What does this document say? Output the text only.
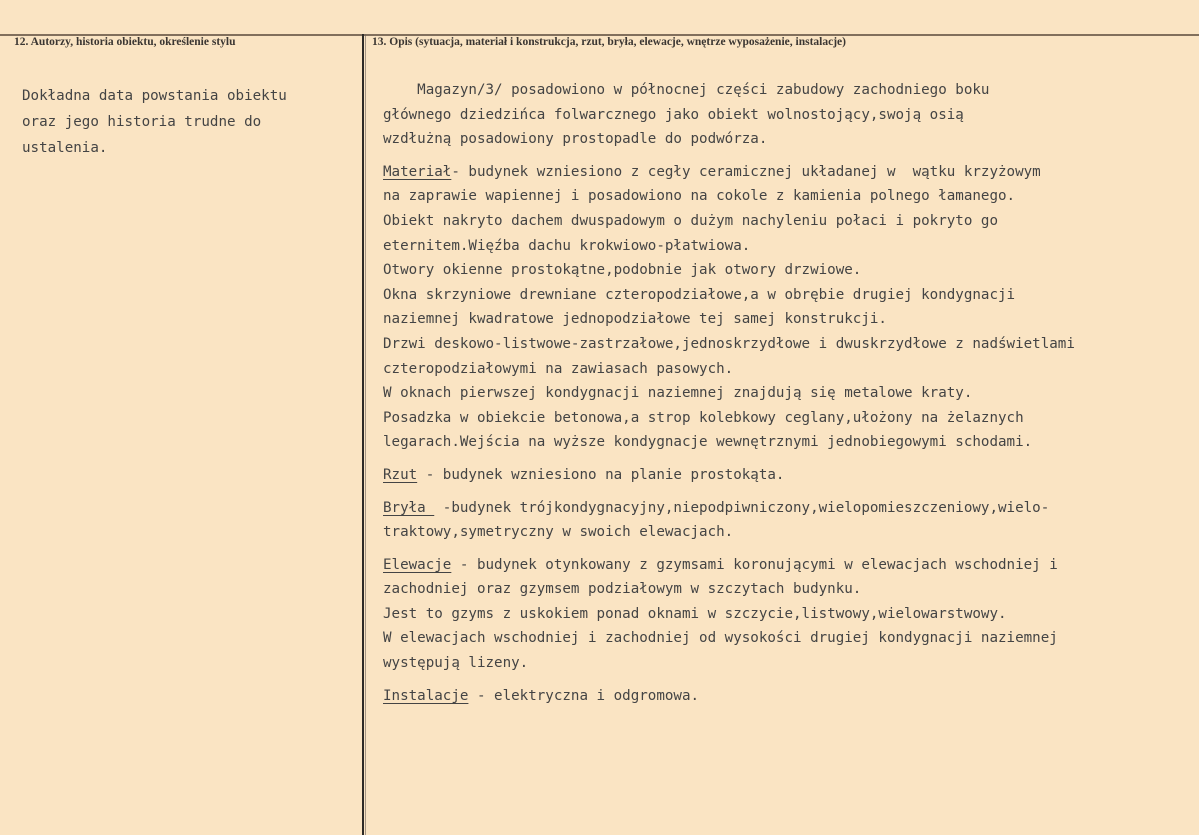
12. Autorzy, historia obiektu, określenie stylu	13. Opis (sytuacja, materiał i konstrukcja, rzut, bryła, elewacje, wnętrze wyposażenie, instalacje)
Dokładna data powstania obiektu
oraz jego historia trudne do
ustalenia.
Magazyn/3/ posadowiono w północnej części zabudowy zachodniego boku
głównego dziedzińca folwarcznego jako obiekt wolnostojący,swoją osią
wzdłużną posadowiony prostopadle do podwórza.
Materiał- budynek wzniesiono z cegły ceramicznej układanej w  wątku krzyżowym
na zaprawie wapiennej i posadowiono na cokole z kamienia polnego łamanego.
Obiekt nakryto dachem dwuspadowym o dużym nachyleniu połaci i pokryto go
eternitem.Więźba dachu krokwiowo-płatwiowa.
Otwory okienne prostokątne,podobnie jak otwory drzwiowe.
Okna skrzyniowe drewniane czteropodziałowe,a w obrębie drugiej kondygnacji
naziemnej kwadratowe jednopodziałowe tej samej konstrukcji.
Drzwi deskowo-listwowe-zastrzałowe,jednoskrzydłowe i dwuskrzydłowe z nadświetlami
czteropodziałowymi na zawiasach pasowych.
W oknach pierwszej kondygnacji naziemnej znajdują się metalowe kraty.
Posadzka w obiekcie betonowa,a strop kolebkowy ceglany,ułożony na żelaznych
legarach.Wejścia na wyższe kondygnacje wewnętrznymi jednobiegowymi schodami.
Rzut - budynek wzniesiono na planie prostokąta.
Bryła  -budynek trójkondygnacyjny,niepodpiwniczony,wielopomieszczeniowy,wielo-
traktowy,symetryczny w swoich elewacjach.
Elewacje - budynek otynkowany z gzymsami koronującymi w elewacjach wschodniej i
zachodniej oraz gzymsem podziałowym w szczytach budynku.
Jest to gzyms z uskokiem ponad oknami w szczycie,listwowy,wielowarstwowy.
W elewacjach wschodniej i zachodniej od wysokości drugiej kondygnacji naziemnej
występują lizeny.
Instalacje - elektryczna i odgromowa.
